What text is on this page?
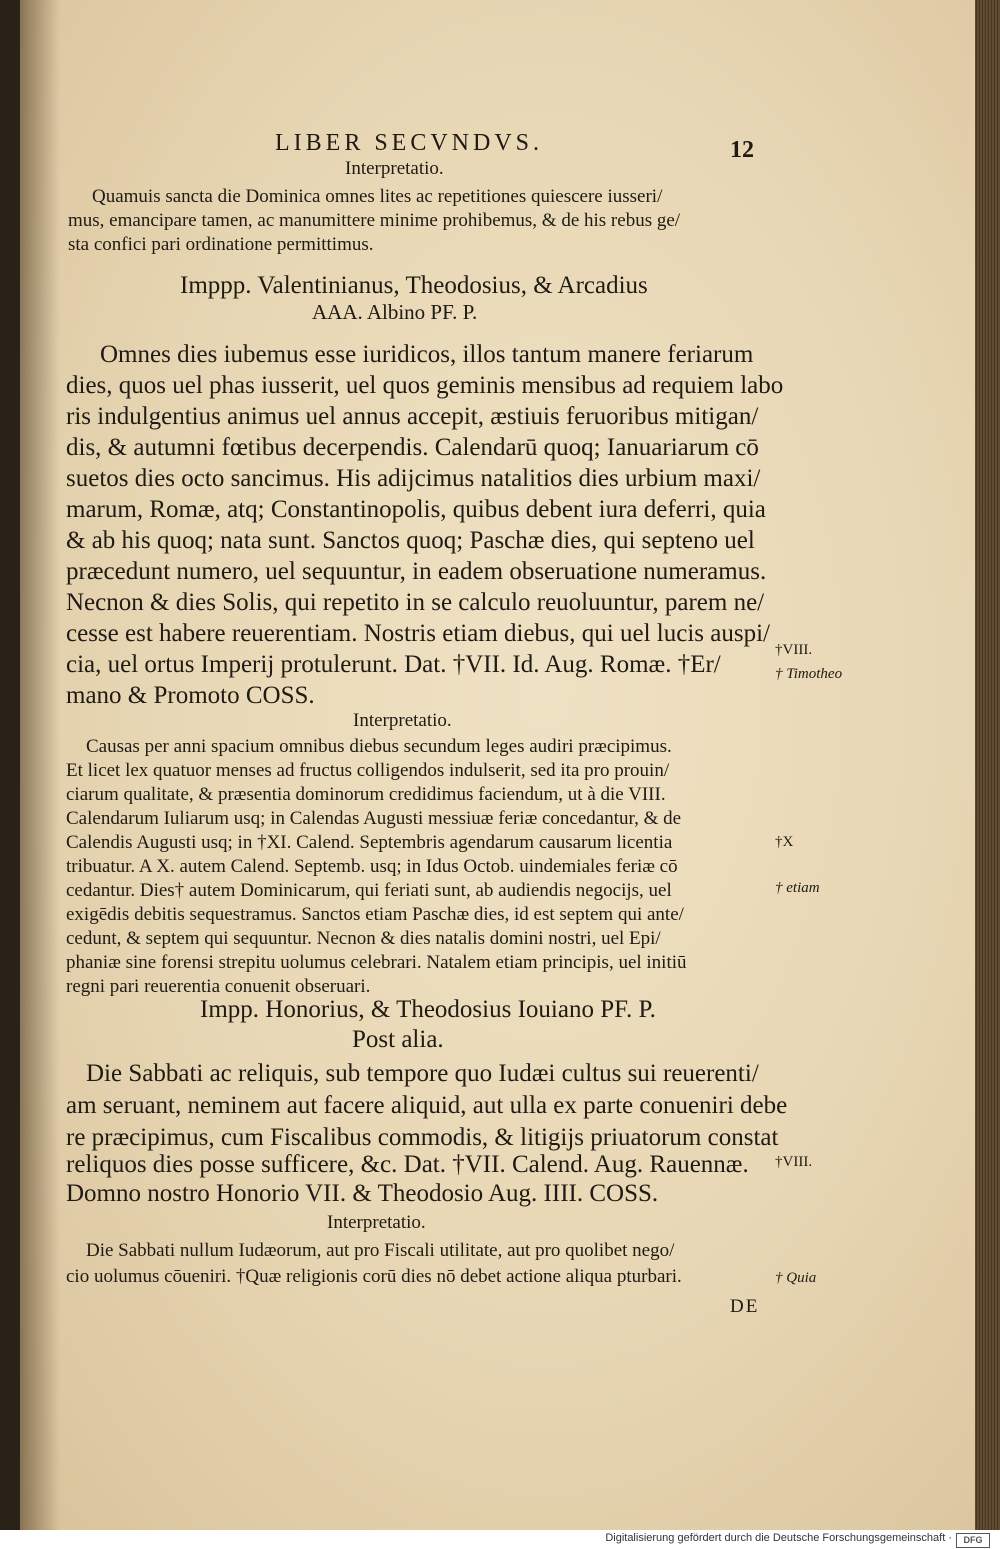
LIBER SECVNDVS.	12
Interpretatio.
Quamuis sancta die Dominica omnes lites ac repetitiones quiescere iusseri/
mus, emancipare tamen, ac manumittere minime prohibemus, & de his rebus ge/
sta confici pari ordinatione permittimus.
Imppp. Valentinianus, Theodosius, & Arcadius
AAA. Albino PF. P.
Omnes dies iubemus esse iuridicos, illos tantum manere feriarum
dies, quos uel phas iusserit, uel quos geminis mensibus ad requiem labo
ris indulgentius animus uel annus accepit, æstiuis feruoribus mitigan/
dis, & autumni fœtibus decerpendis. Calendarū quoq; Ianuariarum cō
suetos dies octo sancimus. His adijcimus natalitios dies urbium maxi/
marum, Romæ, atq; Constantinopolis, quibus debent iura deferri, quia
& ab his quoq; nata sunt. Sanctos quoq; Paschæ dies, qui septeno uel
præcedunt numero, uel sequuntur, in eadem obseruatione numeramus.
Necnon & dies Solis, qui repetito in se calculo reuoluuntur, parem ne/
cesse est habere reuerentiam. Nostris etiam diebus, qui uel lucis auspi/
cia, uel ortus Imperij protulerunt. Dat. †VII. Id. Aug. Romæ. †Er/
mano & Promoto COSS.
Interpretatio.
Causas per anni spacium omnibus diebus secundum leges audiri præcipimus.
Et licet lex quatuor menses ad fructus colligendos indulserit, sed ita pro prouin/
ciarum qualitate, & præsentia dominorum credidimus faciendum, ut à die VIII.
Calendarum Iuliarum usq; in Calendas Augusti messiuæ feriæ concedantur, & de
Calendis Augusti usq; in †XI. Calend. Septembris agendarum causarum licentia
tribuatur. A X. autem Calend. Septemb. usq; in Idus Octob. uindemiales feriæ cō
cedantur. Dies† autem Dominicarum, qui feriati sunt, ab audiendis negocijs, uel
exigēdis debitis sequestramus. Sanctos etiam Paschæ dies, id est septem qui ante/
cedunt, & septem qui sequuntur. Necnon & dies natalis domini nostri, uel Epi/
phaniæ sine forensi strepitu uolumus celebrari. Natalem etiam principis, uel initiū
regni pari reuerentia conuenit obseruari.
Impp. Honorius, & Theodosius Iouiano PF. P.
Post alia.
Die Sabbati ac reliquis, sub tempore quo Iudæi cultus sui reuerenti/
am seruant, neminem aut facere aliquid, aut ulla ex parte conueniri debe
re præcipimus, cum Fiscalibus commodis, & litigijs priuatorum constat
reliquos dies posse sufficere, &c. Dat. †VII. Calend. Aug. Rauennæ.
Domno nostro Honorio VII. & Theodosio Aug. IIII. COSS.
Interpretatio.
Die Sabbati nullum Iudæorum, aut pro Fiscali utilitate, aut pro quolibet nego/
cio uolumus cōueniri. †Quæ religionis corū dies nō debet actione aliqua pturbari.
†VIII.
† Timotheo
†X
† etiam
†VIII.
† Quia
DE
Digitalisierung gefördert durch die Deutsche Forschungsgemeinschaft ·	DFG
